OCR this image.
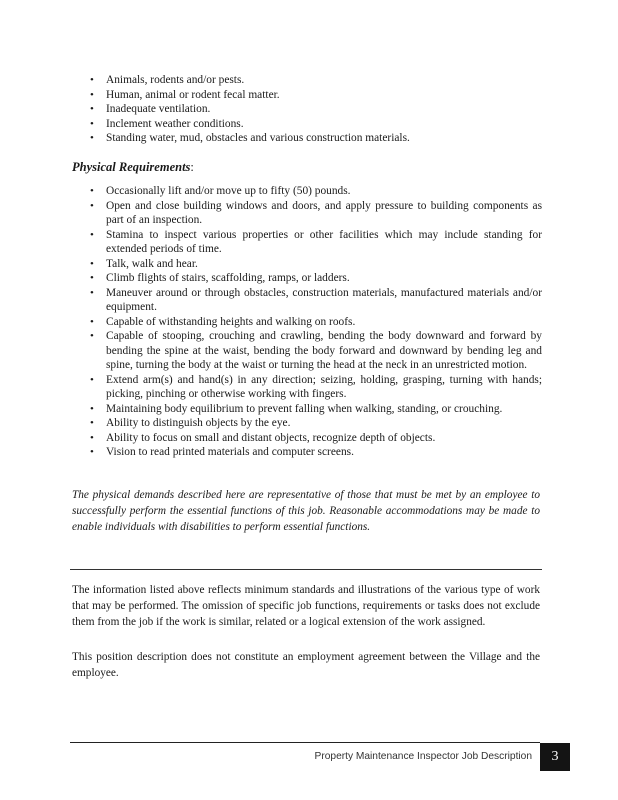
• Animals, rodents and/or pests.
• Human, animal or rodent fecal matter.
• Inadequate ventilation.
• Inclement weather conditions.
• Standing water, mud, obstacles and various construction materials.
Physical Requirements:
• Occasionally lift and/or move up to fifty (50) pounds.
• Open and close building windows and doors, and apply pressure to building components as part of an inspection.
• Stamina to inspect various properties or other facilities which may include standing for extended periods of time.
• Talk, walk and hear.
• Climb flights of stairs, scaffolding, ramps, or ladders.
• Maneuver around or through obstacles, construction materials, manufactured materials and/or equipment.
• Capable of withstanding heights and walking on roofs.
• Capable of stooping, crouching and crawling, bending the body downward and forward by bending the spine at the waist, bending the body forward and downward by bending leg and spine, turning the body at the waist or turning the head at the neck in an unrestricted motion.
• Extend arm(s) and hand(s) in any direction; seizing, holding, grasping, turning with hands; picking, pinching or otherwise working with fingers.
• Maintaining body equilibrium to prevent falling when walking, standing, or crouching.
• Ability to distinguish objects by the eye.
• Ability to focus on small and distant objects, recognize depth of objects.
• Vision to read printed materials and computer screens.
The physical demands described here are representative of those that must be met by an employee to successfully perform the essential functions of this job. Reasonable accommodations may be made to enable individuals with disabilities to perform essential functions.
The information listed above reflects minimum standards and illustrations of the various type of work that may be performed. The omission of specific job functions, requirements or tasks does not exclude them from the job if the work is similar, related or a logical extension of the work assigned.
This position description does not constitute an employment agreement between the Village and the employee.
Property Maintenance Inspector Job Description	3
